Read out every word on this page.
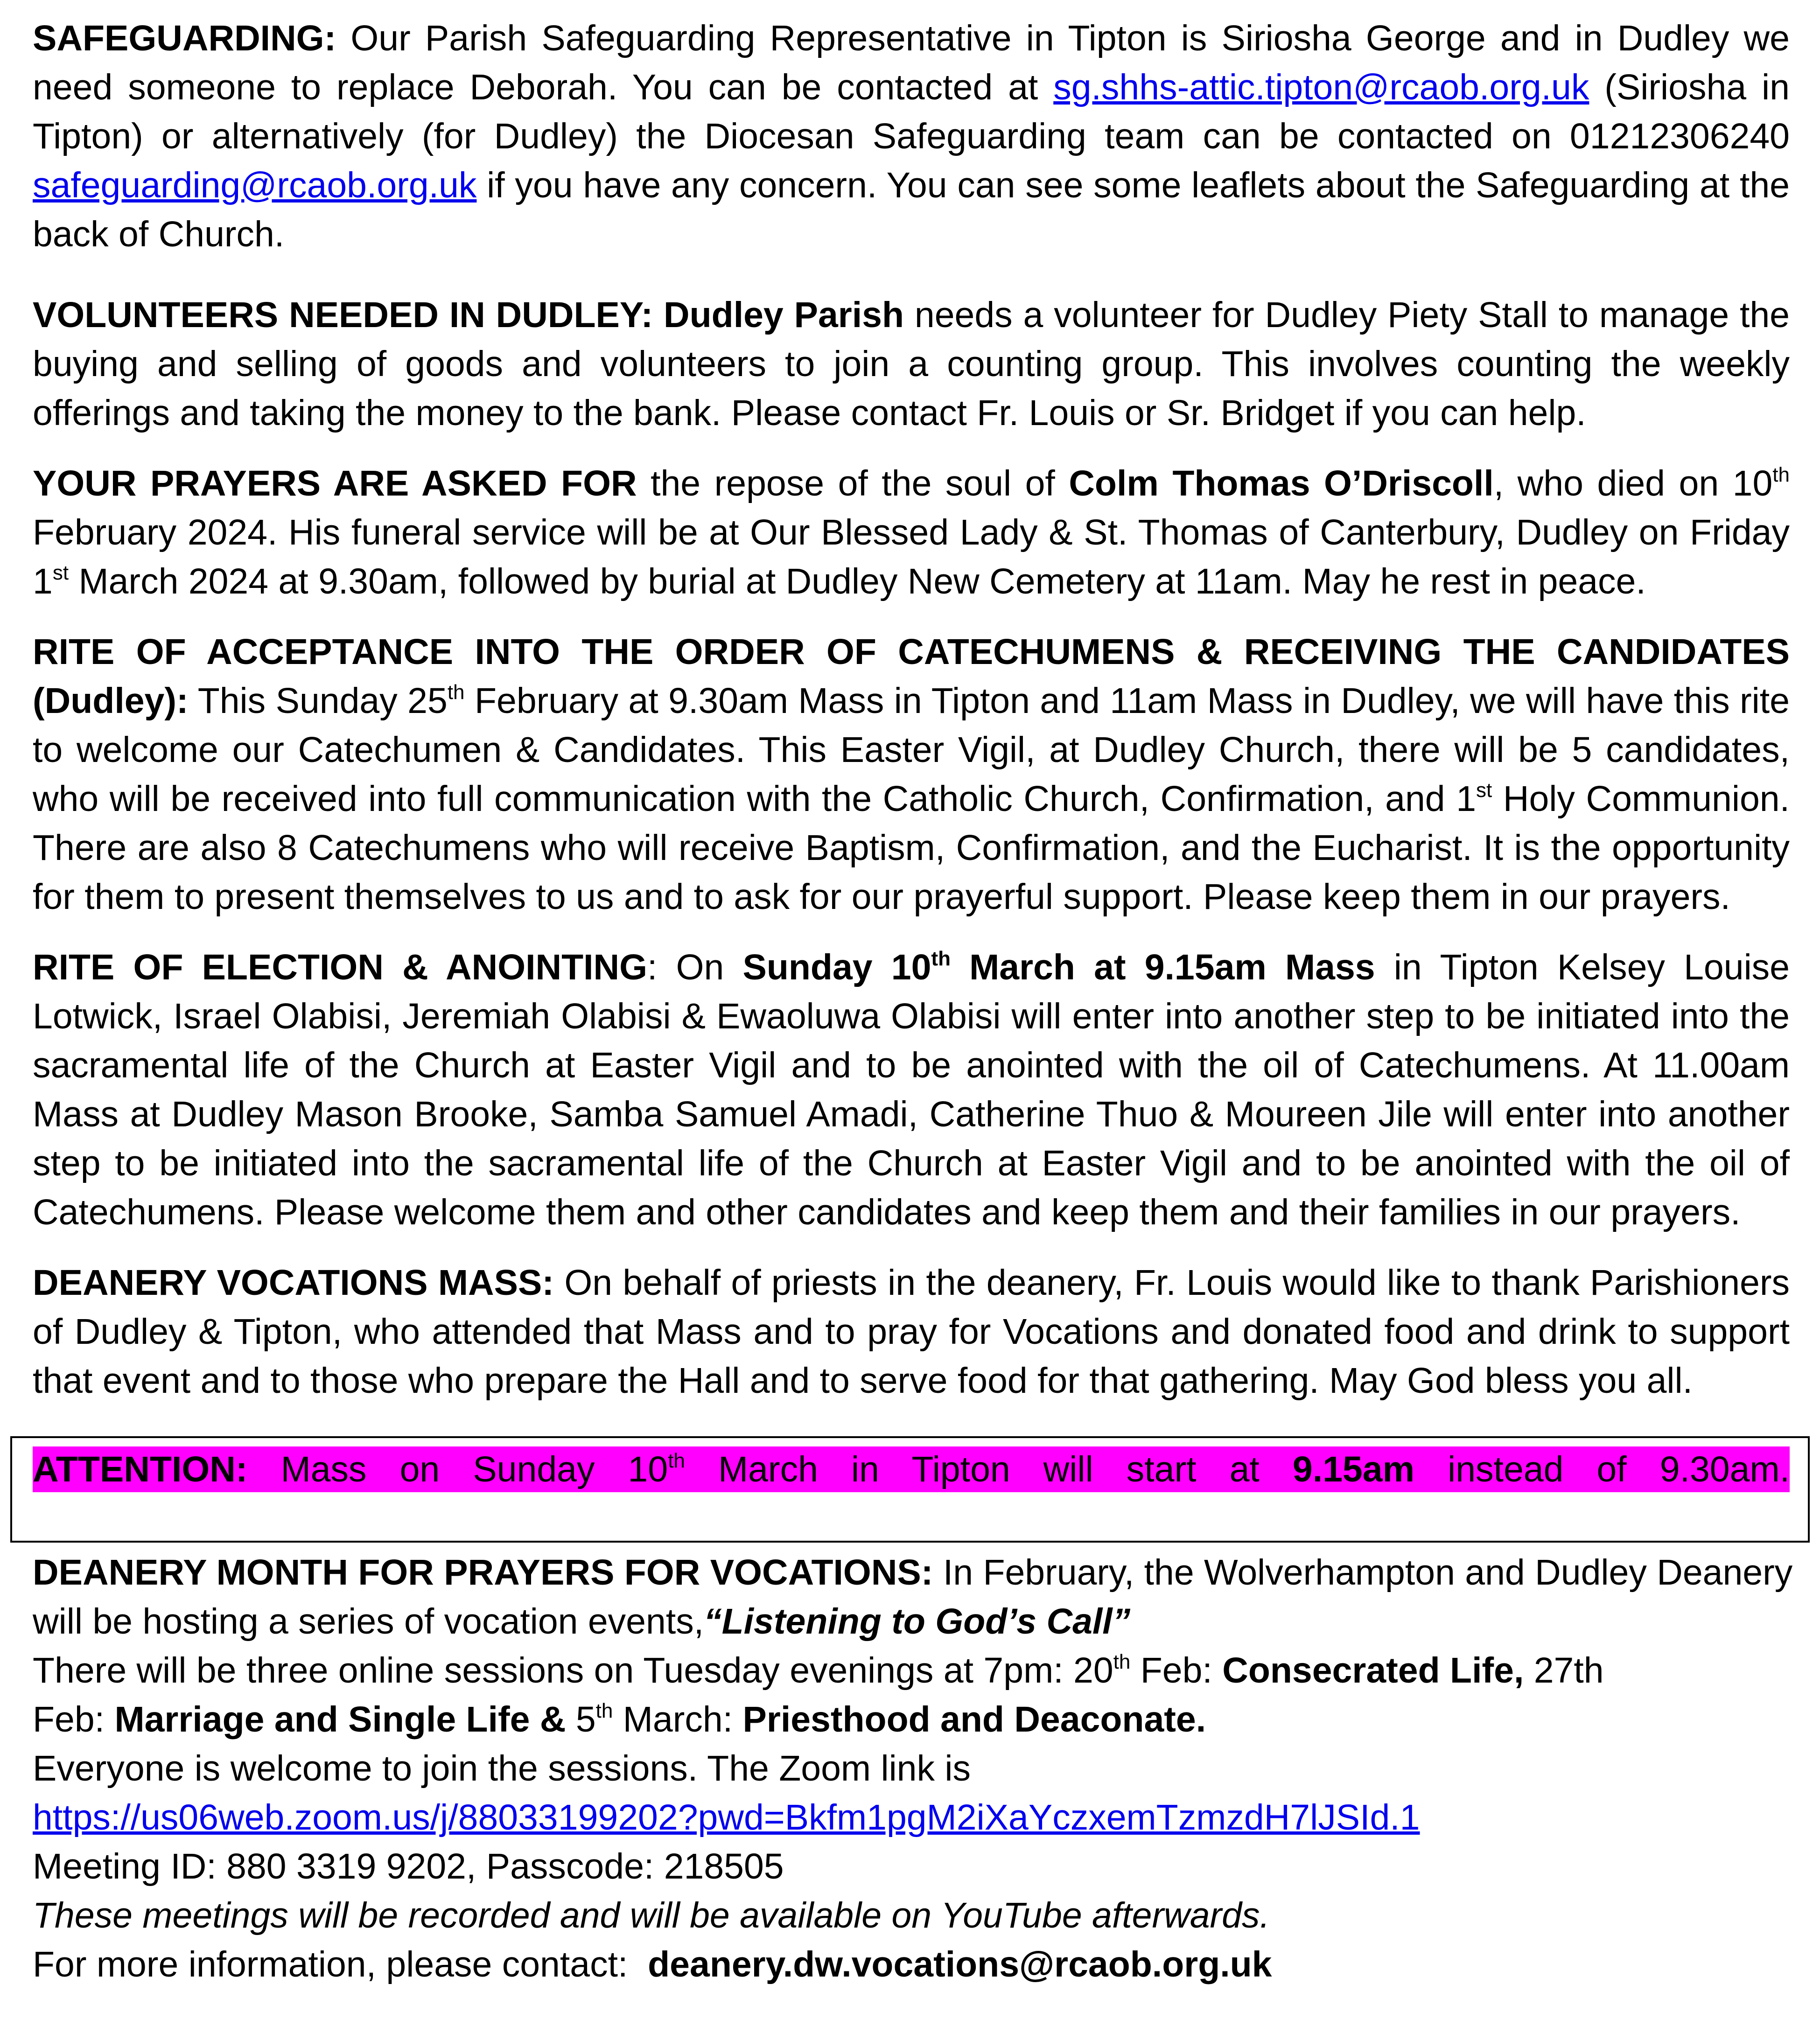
SAFEGUARDING: Our Parish Safeguarding Representative in Tipton is Siriosha George and in Dudley we need someone to replace Deborah. You can be contacted at sg.shhs-attic.tipton@rcaob.org.uk (Siriosha in Tipton) or alternatively (for Dudley) the Diocesan Safeguarding team can be contacted on 01212306240 safeguarding@rcaob.org.uk if you have any concern. You can see some leaflets about the Safeguarding at the back of Church.

VOLUNTEERS NEEDED IN DUDLEY: Dudley Parish needs a volunteer for Dudley Piety Stall to manage the buying and selling of goods and volunteers to join a counting group. This involves counting the weekly offerings and taking the money to the bank. Please contact Fr. Louis or Sr. Bridget if you can help.

YOUR PRAYERS ARE ASKED FOR the repose of the soul of Colm Thomas O’Driscoll, who died on 10th February 2024. His funeral service will be at Our Blessed Lady & St. Thomas of Canterbury, Dudley on Friday 1st March 2024 at 9.30am, followed by burial at Dudley New Cemetery at 11am. May he rest in peace.

RITE OF ACCEPTANCE INTO THE ORDER OF CATECHUMENS & RECEIVING THE CANDIDATES (Dudley): This Sunday 25th February at 9.30am Mass in Tipton and 11am Mass in Dudley, we will have this rite to welcome our Catechumen & Candidates. This Easter Vigil, at Dudley Church, there will be 5 candidates, who will be received into full communication with the Catholic Church, Confirmation, and 1st Holy Communion. There are also 8 Catechumens who will receive Baptism, Confirmation, and the Eucharist. It is the opportunity for them to present themselves to us and to ask for our prayerful support. Please keep them in our prayers.

RITE OF ELECTION & ANOINTING: On Sunday 10th March at 9.15am Mass in Tipton Kelsey Louise Lotwick, Israel Olabisi, Jeremiah Olabisi & Ewaoluwa Olabisi will enter into another step to be initiated into the sacramental life of the Church at Easter Vigil and to be anointed with the oil of Catechumens. At 11.00am Mass at Dudley Mason Brooke, Samba Samuel Amadi, Catherine Thuo & Moureen Jile will enter into another step to be initiated into the sacramental life of the Church at Easter Vigil and to be anointed with the oil of Catechumens. Please welcome them and other candidates and keep them and their families in our prayers.

DEANERY VOCATIONS MASS: On behalf of priests in the deanery, Fr. Louis would like to thank Parishioners of Dudley & Tipton, who attended that Mass and to pray for Vocations and donated food and drink to support that event and to those who prepare the Hall and to serve food for that gathering. May God bless you all.

ATTENTION: Mass on Sunday 10th March in Tipton will start at 9.15am instead of 9.30am.

DEANERY MONTH FOR PRAYERS FOR VOCATIONS: In February, the Wolverhampton and Dudley Deanery

will be hosting a series of vocation events,“Listening to God’s Call”

There will be three online sessions on Tuesday evenings at 7pm: 20th Feb: Consecrated Life, 27th

Feb: Marriage and Single Life & 5th March: Priesthood and Deaconate.

Everyone is welcome to join the sessions. The Zoom link is

https://us06web.zoom.us/j/88033199202?pwd=Bkfm1pgM2iXaYczxemTzmzdH7lJSId.1

Meeting ID: 880 3319 9202, Passcode: 218505

These meetings will be recorded and will be available on YouTube afterwards.

For more information, please contact:  deanery.dw.vocations@rcaob.org.uk
